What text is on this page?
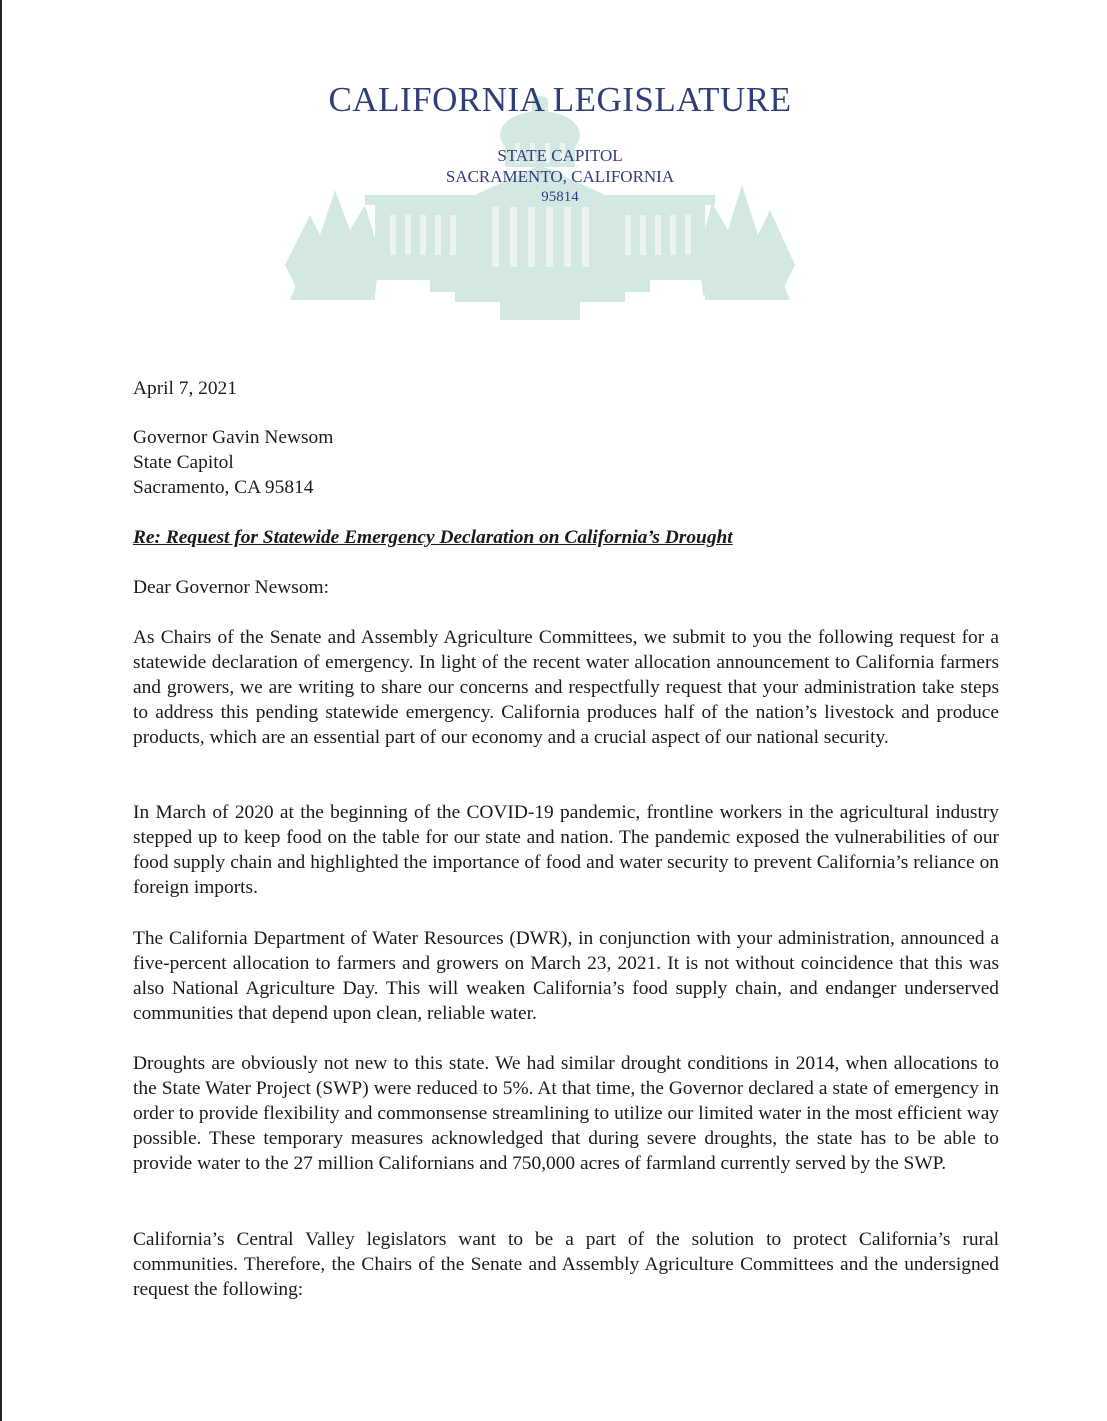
CALIFORNIA LEGISLATURE
STATE CAPITOL
SACRAMENTO, CALIFORNIA
95814
April 7, 2021
Governor Gavin Newsom
State Capitol
Sacramento, CA 95814
Re: Request for Statewide Emergency Declaration on California’s Drought
Dear Governor Newsom:
As Chairs of the Senate and Assembly Agriculture Committees, we submit to you the following request for a statewide declaration of emergency. In light of the recent water allocation announcement to California farmers and growers, we are writing to share our concerns and respectfully request that your administration take steps to address this pending statewide emergency. California produces half of the nation’s livestock and produce products, which are an essential part of our economy and a crucial aspect of our national security.
In March of 2020 at the beginning of the COVID-19 pandemic, frontline workers in the agricultural industry stepped up to keep food on the table for our state and nation. The pandemic exposed the vulnerabilities of our food supply chain and highlighted the importance of food and water security to prevent California’s reliance on foreign imports.
The California Department of Water Resources (DWR), in conjunction with your administration, announced a five-percent allocation to farmers and growers on March 23, 2021. It is not without coincidence that this was also National Agriculture Day. This will weaken California’s food supply chain, and endanger underserved communities that depend upon clean, reliable water.
Droughts are obviously not new to this state. We had similar drought conditions in 2014, when allocations to the State Water Project (SWP) were reduced to 5%. At that time, the Governor declared a state of emergency in order to provide flexibility and commonsense streamlining to utilize our limited water in the most efficient way possible. These temporary measures acknowledged that during severe droughts, the state has to be able to provide water to the 27 million Californians and 750,000 acres of farmland currently served by the SWP.
California’s Central Valley legislators want to be a part of the solution to protect California’s rural communities. Therefore, the Chairs of the Senate and Assembly Agriculture Committees and the undersigned request the following:
